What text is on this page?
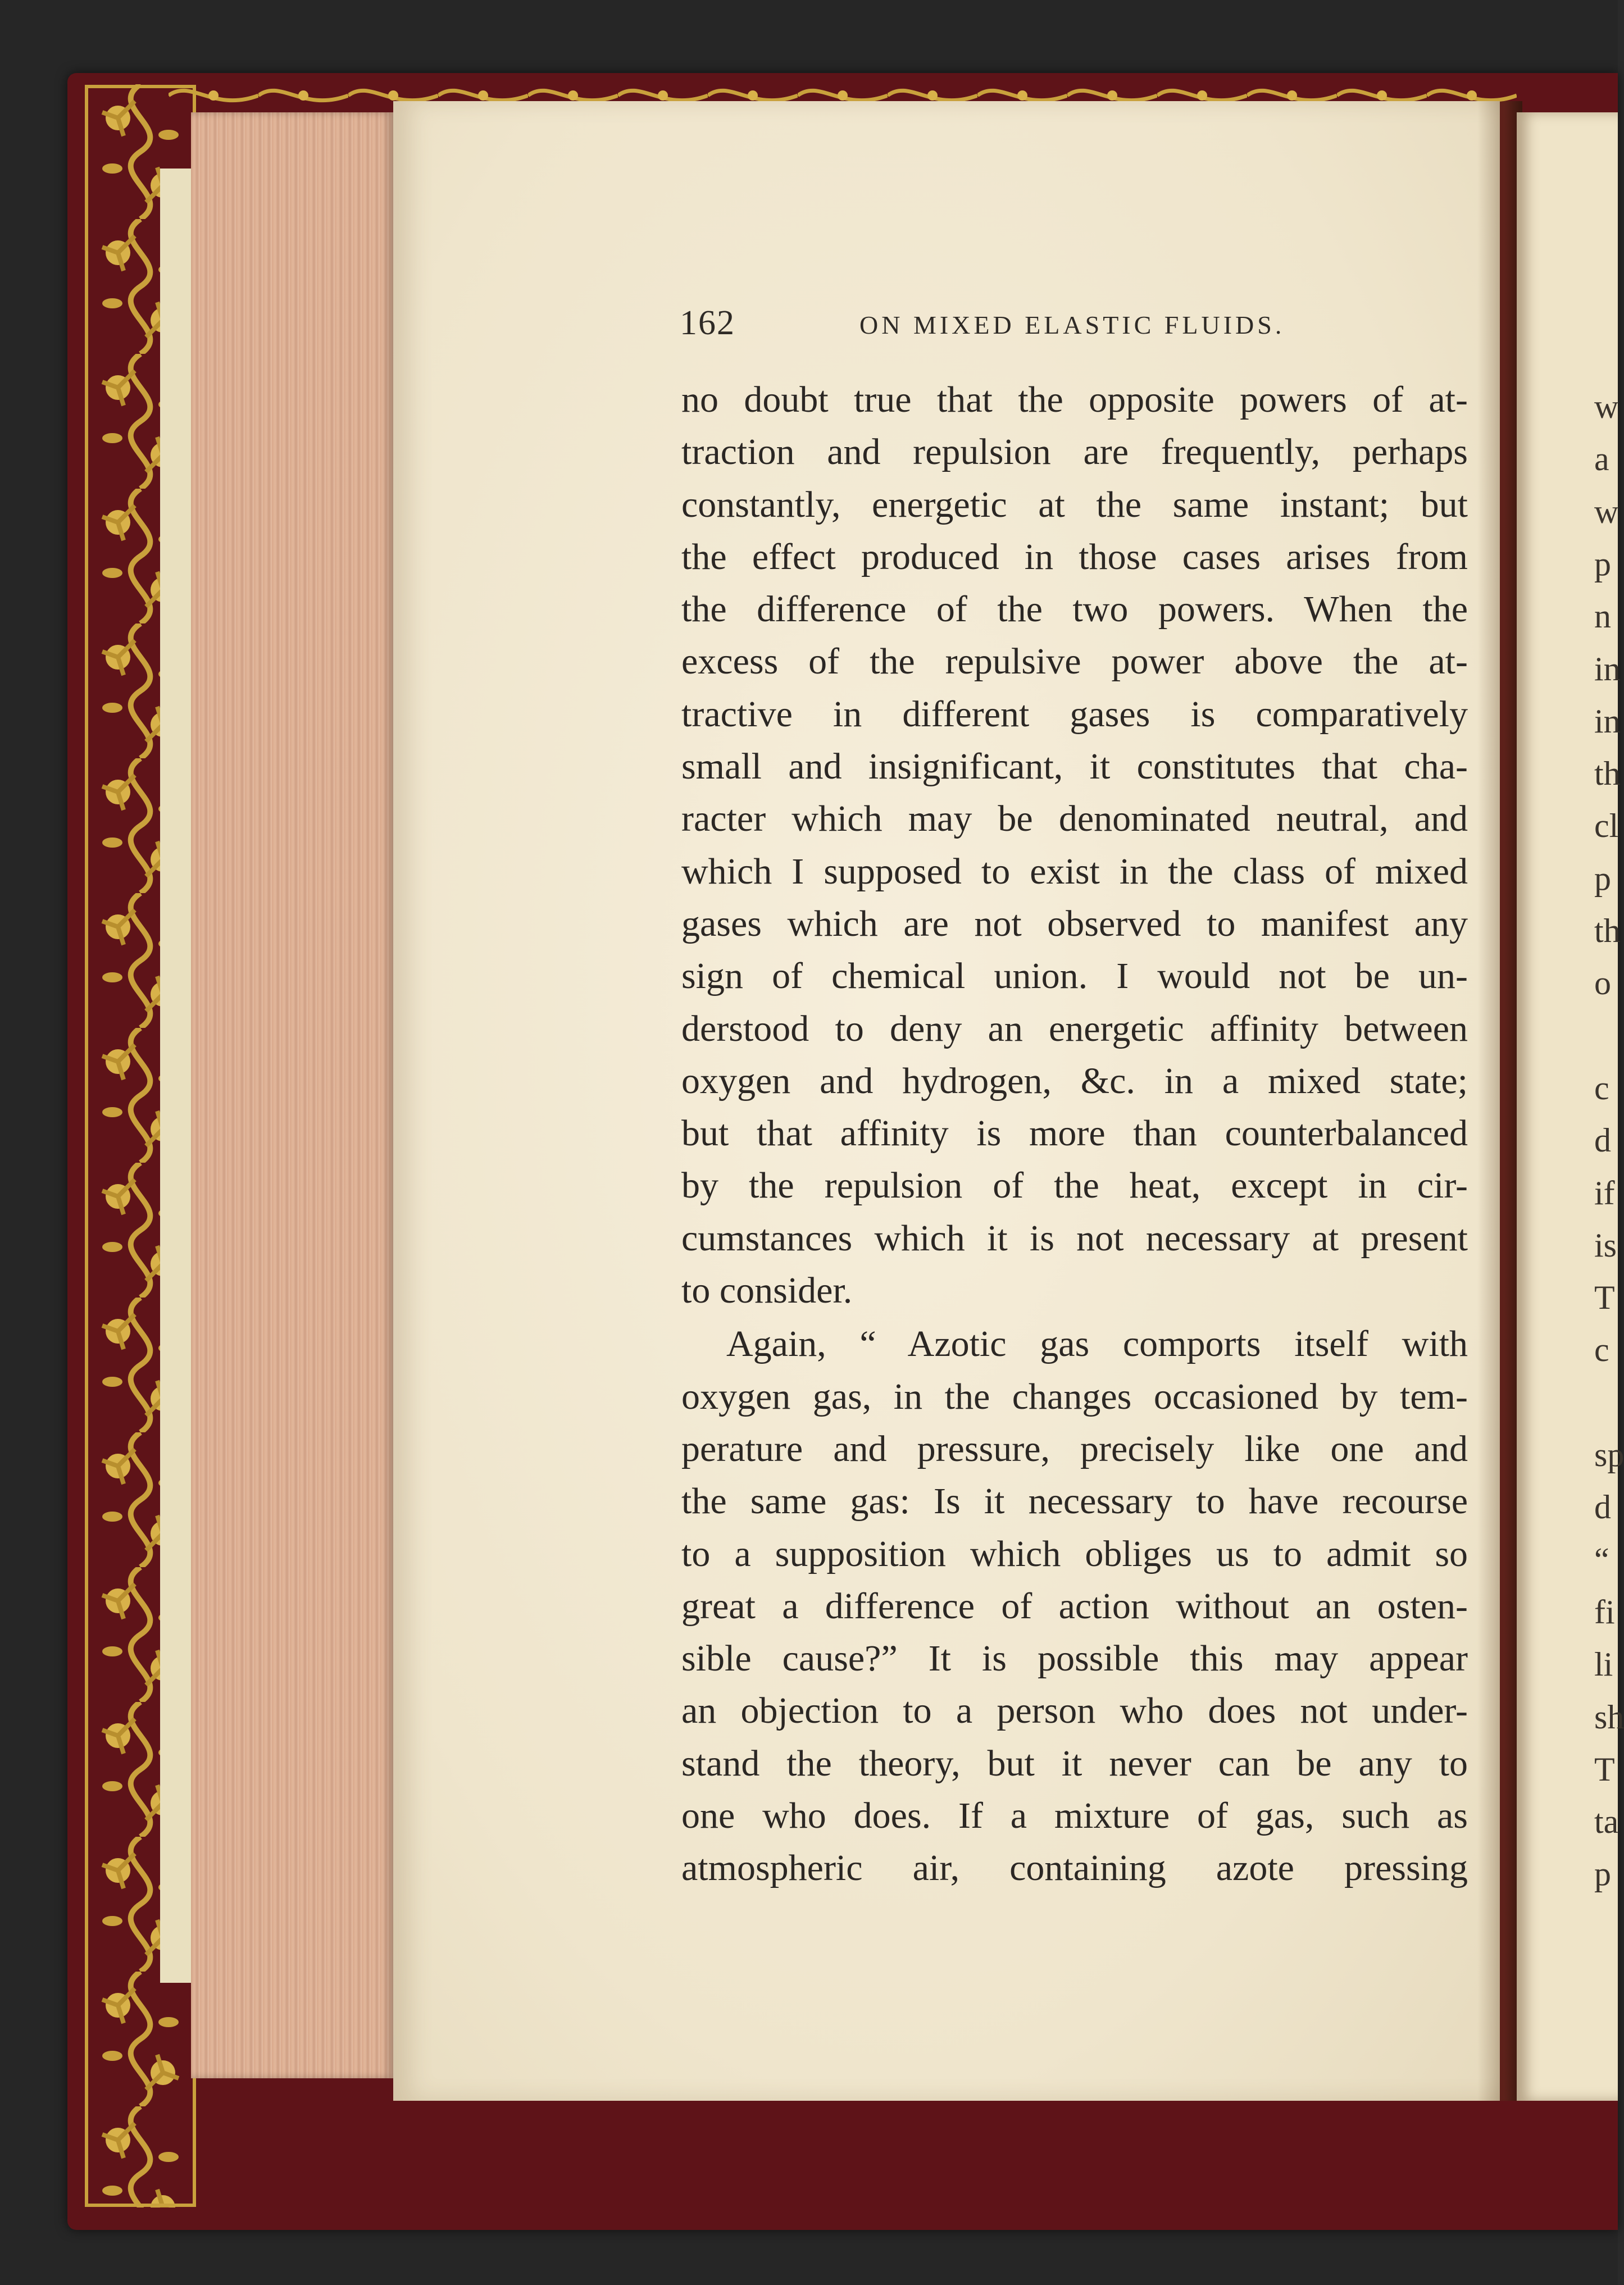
162	ON MIXED ELASTIC FLUIDS.
no doubt true that the opposite powers of at-
traction and repulsion are frequently, perhaps
constantly, energetic at the same instant; but
the effect produced in those cases arises from
the difference of the two powers. When the
excess of the repulsive power above the at-
tractive in different gases is comparatively
small and insignificant, it constitutes that cha-
racter which may be denominated neutral, and
which I supposed to exist in the class of mixed
gases which are not observed to manifest any
sign of chemical union. I would not be un-
derstood to deny an energetic affinity between
oxygen and hydrogen, &c. in a mixed state;
but that affinity is more than counterbalanced
by the repulsion of the heat, except in cir-
cumstances which it is not necessary at present
to consider.
Again, “ Azotic gas comports itself with
oxygen gas, in the changes occasioned by tem-
perature and pressure, precisely like one and
the same gas: Is it necessary to have recourse
to a supposition which obliges us to admit so
great a difference of action without an osten-
sible cause?” It is possible this may appear
an objection to a person who does not under-
stand the theory, but it never can be any to
one who does. If a mixture of gas, such as
atmospheric air, containing azote pressing
w
a
w
p
n
in
in
th
cl
p
th
o
c
d
if
is
T
c
sp
d
“
fi
li
sh
T
ta
p
